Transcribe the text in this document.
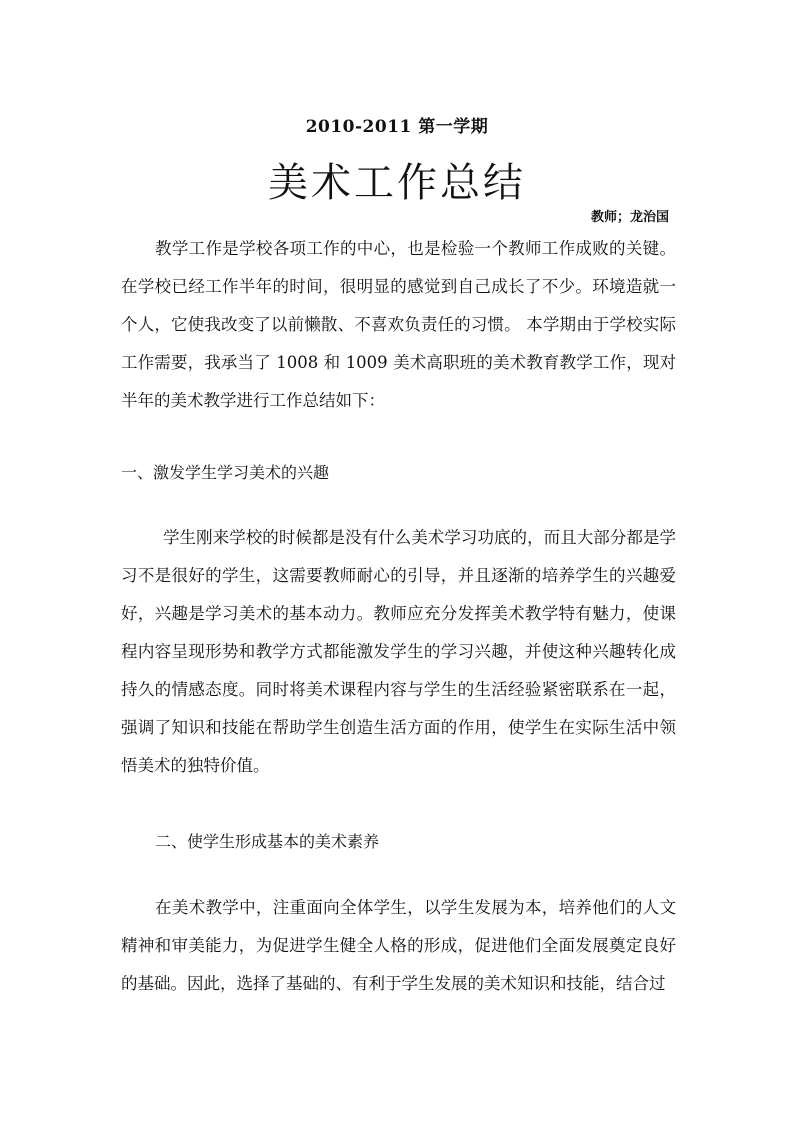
2010-2011 第一学期
美术工作总结
教师；龙治国

教学工作是学校各项工作的中心，也是检验一个教师工作成败的关键。在学校已经工作半年的时间，很明显的感觉到自己成长了不少。环境造就一个人，它使我改变了以前懒散、不喜欢负责任的习惯。 本学期由于学校实际工作需要，我承当了 1008 和 1009 美术高职班的美术教育教学工作，现对半年的美术教学进行工作总结如下：

一、激发学生学习美术的兴趣

学生刚来学校的时候都是没有什么美术学习功底的，而且大部分都是学习不是很好的学生，这需要教师耐心的引导，并且逐渐的培养学生的兴趣爱好，兴趣是学习美术的基本动力。教师应充分发挥美术教学特有魅力，使课程内容呈现形势和教学方式都能激发学生的学习兴趣，并使这种兴趣转化成持久的情感态度。同时将美术课程内容与学生的生活经验紧密联系在一起，强调了知识和技能在帮助学生创造生活方面的作用，使学生在实际生活中领悟美术的独特价值。

二、使学生形成基本的美术素养

在美术教学中，注重面向全体学生，以学生发展为本，培养他们的人文精神和审美能力，为促进学生健全人格的形成，促进他们全面发展奠定良好的基础。因此，选择了基础的、有利于学生发展的美术知识和技能，结合过
